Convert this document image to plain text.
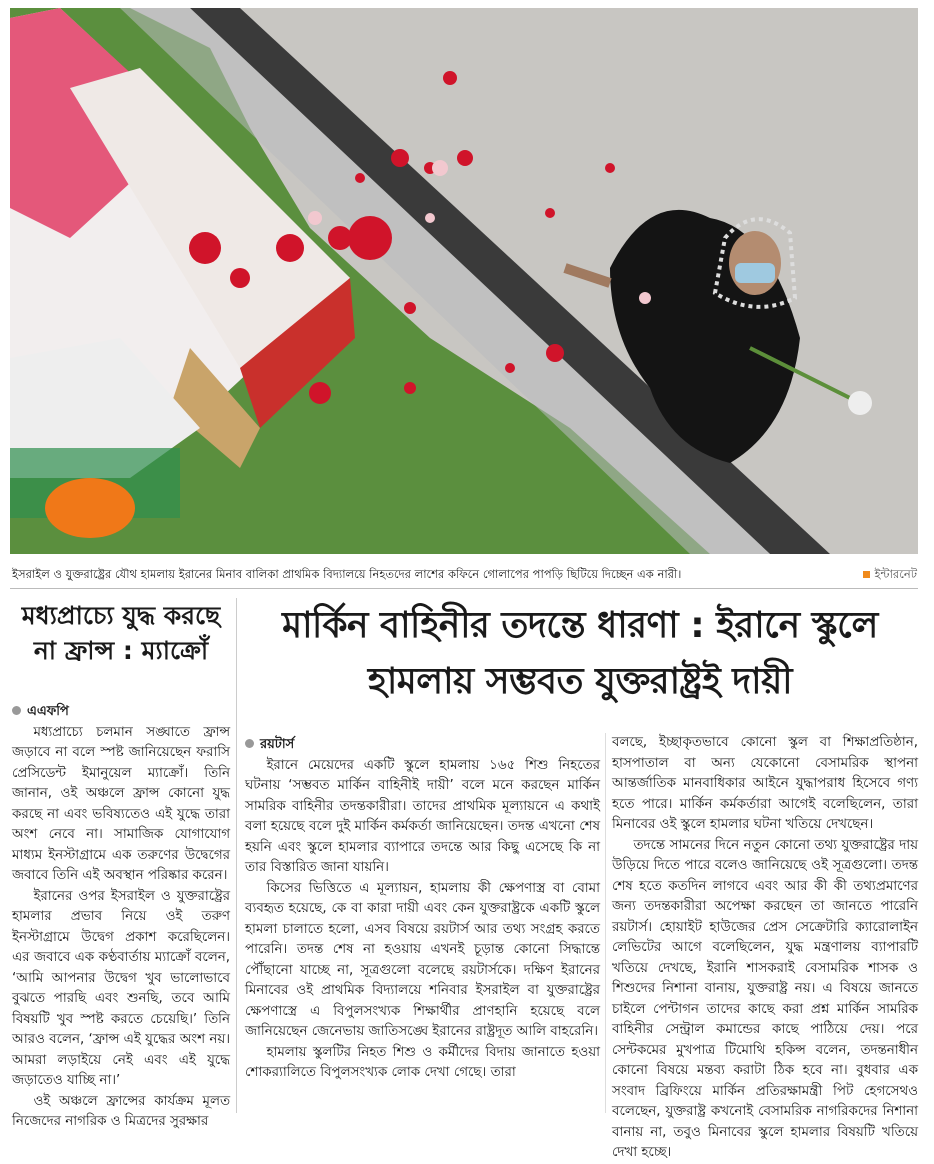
ইসরাইল ও যুক্তরাষ্ট্রের যৌথ হামলায় ইরানের মিনাব বালিকা প্রাথমিক বিদ্যালয়ে নিহতদের লাশের কফিনে গোলাপের পাপড়ি ছিটিয়ে দিচ্ছেন এক নারী।	ইন্টারনেট
মধ্যপ্রাচ্যে যুদ্ধ করছে না ফ্রান্স : ম্যাক্রোঁ
মার্কিন বাহিনীর তদন্তে ধারণা : ইরানে স্কুলে হামলায় সম্ভবত যুক্তরাষ্ট্রই দায়ী
এএফপি

মধ্যপ্রাচ্যে চলমান সঙ্ঘাতে ফ্রান্স জড়াবে না বলে স্পষ্ট জানিয়েছেন ফরাসি প্রেসিডেন্ট ইমানুয়েল ম্যাক্রোঁ। তিনি জানান, ওই অঞ্চলে ফ্রান্স কোনো যুদ্ধ করছে না এবং ভবিষ্যতেও এই যুদ্ধে তারা অংশ নেবে না। সামাজিক যোগাযোগ মাধ্যম ইনস্টাগ্রামে এক তরুণের উদ্বেগের জবাবে তিনি এই অবস্থান পরিষ্কার করেন।

ইরানের ওপর ইসরাইল ও যুক্তরাষ্ট্রের হামলার প্রভাব নিয়ে ওই তরুণ ইনস্টাগ্রামে উদ্বেগ প্রকাশ করেছিলেন। এর জবাবে এক কণ্ঠবার্তায় ম্যাক্রোঁ বলেন, ‘আমি আপনার উদ্বেগ খুব ভালোভাবে বুঝতে পারছি এবং শুনছি, তবে আমি বিষয়টি খুব স্পষ্ট করতে চেয়েছি।’ তিনি আরও বলেন, ‘ফ্রান্স এই যুদ্ধের অংশ নয়। আমরা লড়াইয়ে নেই এবং এই যুদ্ধে জড়াতেও যাচ্ছি না।’

ওই অঞ্চলে ফ্রান্সের কার্যক্রম মূলত নিজেদের নাগরিক ও মিত্রদের সুরক্ষার

রয়টার্স

ইরানে মেয়েদের একটি স্কুলে হামলায় ১৬৫ শিশু নিহতের ঘটনায় ‘সম্ভবত মার্কিন বাহিনীই দায়ী’ বলে মনে করছেন মার্কিন সামরিক বাহিনীর তদন্তকারীরা। তাদের প্রাথমিক মূল্যায়নে এ কথাই বলা হয়েছে বলে দুই মার্কিন কর্মকর্তা জানিয়েছেন। তদন্ত এখনো শেষ হয়নি এবং স্কুলে হামলার ব্যাপারে তদন্তে আর কিছু এসেছে কি না তার বিস্তারিত জানা যায়নি।

কিসের ভিত্তিতে এ মূল্যায়ন, হামলায় কী ক্ষেপণাস্ত্র বা বোমা ব্যবহৃত হয়েছে, কে বা কারা দায়ী এবং কেন যুক্তরাষ্ট্রকে একটি স্কুলে হামলা চালাতে হলো, এসব বিষয়ে রয়টার্স আর তথ্য সংগ্রহ করতে পারেনি। তদন্ত শেষ না হওয়ায় এখনই চূড়ান্ত কোনো সিদ্ধান্তে পৌঁছানো যাচ্ছে না, সূত্রগুলো বলেছে রয়টার্সকে। দক্ষিণ ইরানের মিনাবের ওই প্রাথমিক বিদ্যালয়ে শনিবার ইসরাইল বা যুক্তরাষ্ট্রের ক্ষেপণাস্ত্রে এ বিপুলসংখ্যক শিক্ষার্থীর প্রাণহানি হয়েছে বলে জানিয়েছেন জেনেভায় জাতিসঙ্ঘে ইরানের রাষ্ট্রদূত আলি বাহরেনি।

হামলায় স্কুলটির নিহত শিশু ও কর্মীদের বিদায় জানাতে হওয়া শোকর‍্যালিতে বিপুলসংখ্যক লোক দেখা গেছে। তারা

বলছে, ইচ্ছাকৃতভাবে কোনো স্কুল বা শিক্ষাপ্রতিষ্ঠান, হাসপাতাল বা অন্য যেকোনো বেসামরিক স্থাপনা আন্তর্জাতিক মানবাধিকার আইনে যুদ্ধাপরাধ হিসেবে গণ্য হতে পারে। মার্কিন কর্মকর্তারা আগেই বলেছিলেন, তারা মিনাবের ওই স্কুলে হামলার ঘটনা খতিয়ে দেখছেন।

তদন্তে সামনের দিনে নতুন কোনো তথ্য যুক্তরাষ্ট্রের দায় উড়িয়ে দিতে পারে বলেও জানিয়েছে ওই সূত্রগুলো। তদন্ত শেষ হতে কতদিন লাগবে এবং আর কী কী তথ্যপ্রমাণের জন্য তদন্তকারীরা অপেক্ষা করছেন তা জানতে পারেনি রয়টার্স। হোয়াইট হাউজের প্রেস সেক্রেটারি ক্যারোলাইন লেভিটের আগে বলেছিলেন, যুদ্ধ মন্ত্রণালয় ব্যাপারটি খতিয়ে দেখছে, ইরানি শাসকরাই বেসামরিক শাসক ও শিশুদের নিশানা বানায়, যুক্তরাষ্ট্র নয়। এ বিষয়ে জানতে চাইলে পেন্টাগন তাদের কাছে করা প্রশ্ন মার্কিন সামরিক বাহিনীর সেন্ট্রাল কমান্ডের কাছে পাঠিয়ে দেয়। পরে সেন্টকমের মুখপাত্র টিমোথি হকিন্স বলেন, তদন্তনাধীন কোনো বিষয়ে মন্তব্য করাটা ঠিক হবে না। বুধবার এক সংবাদ ব্রিফিংয়ে মার্কিন প্রতিরক্ষামন্ত্রী পিট হেগসেথও বলেছেন, যুক্তরাষ্ট্র কখনোই বেসামরিক নাগরিকদের নিশানা বানায় না, তবুও মিনাবের স্কুলে হামলার বিষয়টি খতিয়ে দেখা হচ্ছে।
